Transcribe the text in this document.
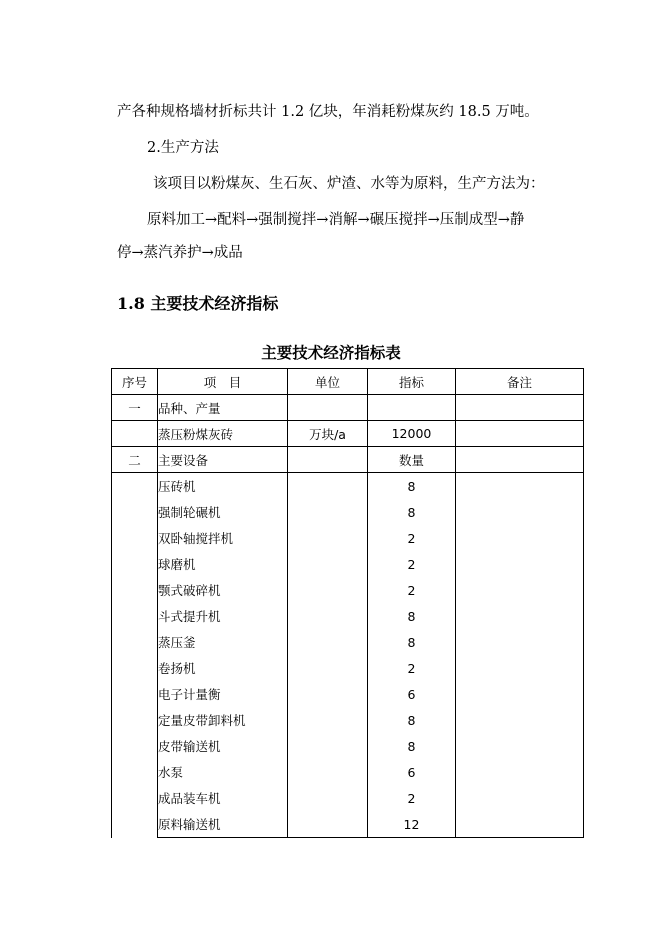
产各种规格墙材折标共计 1.2 亿块，年消耗粉煤灰约 18.5 万吨。
2.生产方法
该项目以粉煤灰、生石灰、炉渣、水等为原料，生产方法为：
原料加工→配料→强制搅拌→消解→碾压搅拌→压制成型→静
停→蒸汽养护→成品
1.8 主要技术经济指标
主要技术经济指标表
序号	项　目	单位	指标	备注
一	品种、产量			
	蒸压粉煤灰砖	万块/a	12000	
二	主要设备		数量	
	压砖机		8	
	强制轮碾机		8	
	双卧轴搅拌机		2	
	球磨机		2	
	颚式破碎机		2	
	斗式提升机		8	
	蒸压釜		8	
	卷扬机		2	
	电子计量衡		6	
	定量皮带卸料机		8	
	皮带输送机		8	
	水泵		6	
	成品装车机		2	
	原料输送机		12	
